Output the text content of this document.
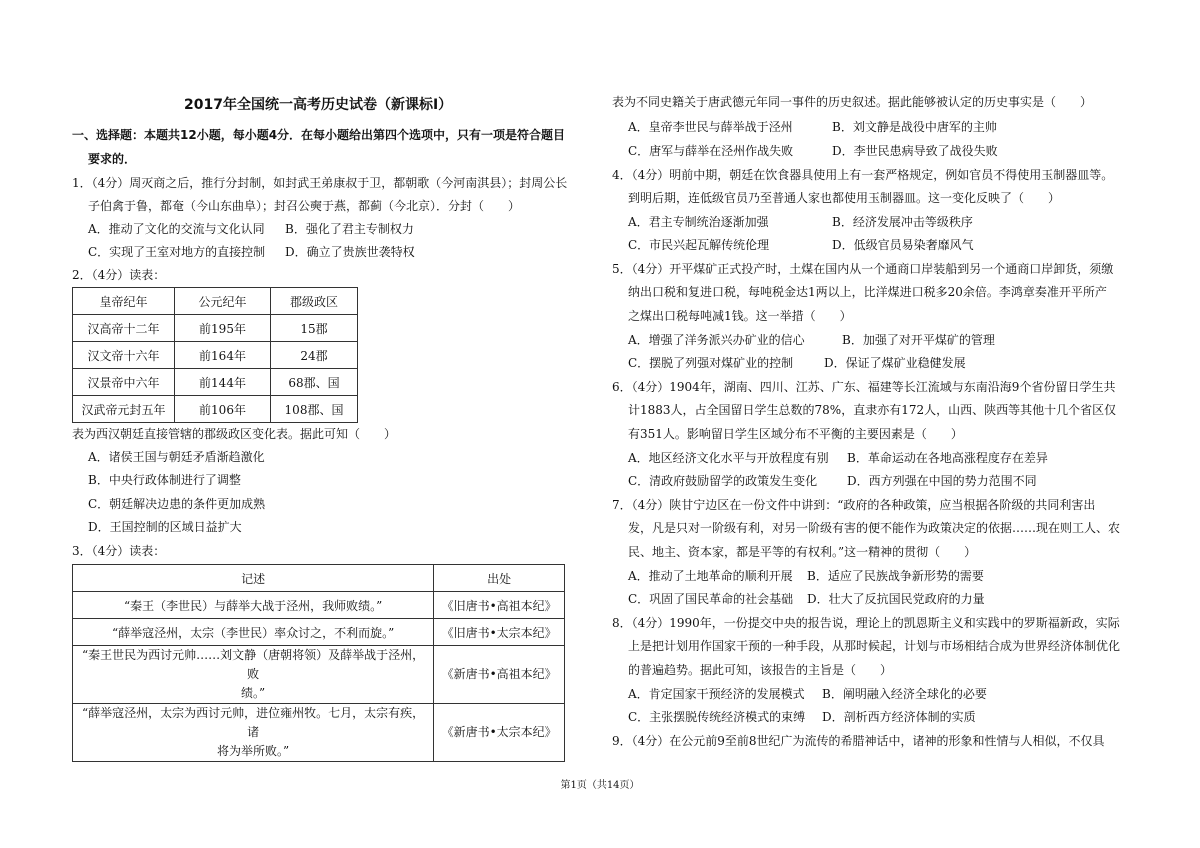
2017年全国统一高考历史试卷（新课标Ⅰ）
一、选择题：本题共12小题，每小题4分．在每小题给出第四个选项中，只有一项是符合题目
要求的．
1．（4分）周灭商之后，推行分封制，如封武王弟康叔于卫，都朝歌（今河南淇县）；封周公长
子伯禽于鲁，都奄（今山东曲阜）；封召公奭于燕，都蓟（今北京）．分封（　　）
A．推动了文化的交流与文化认同 B．强化了君主专制权力
C．实现了王室对地方的直接控制 D．确立了贵族世袭特权
2．（4分）读表：
皇帝纪年	公元纪年	郡级政区
汉高帝十二年	前195年	15郡
汉文帝十六年	前164年	24郡
汉景帝中六年	前144年	68郡、国
汉武帝元封五年	前106年	108郡、国
表为西汉朝廷直接管辖的郡级政区变化表。据此可知（　　）
A．诸侯王国与朝廷矛盾渐趋激化
B．中央行政体制进行了调整
C．朝廷解决边患的条件更加成熟
D．王国控制的区域日益扩大
3．（4分）读表：
记述	出处
“秦王（李世民）与薛举大战于泾州，我师败绩。”	《旧唐书•高祖本纪》
“薛举寇泾州，太宗（李世民）率众讨之，不利而旋。”	《旧唐书•太宗本纪》
“秦王世民为西讨元帅……刘文静（唐朝将领）及薛举战于泾州，败
绩。”	《新唐书•高祖本纪》
“薛举寇泾州，太宗为西讨元帅，进位雍州牧。七月，太宗有疾，诸
将为举所败。”	《新唐书•太宗本纪》
表为不同史籍关于唐武德元年同一事件的历史叙述。据此能够被认定的历史事实是（　　）
A．皇帝李世民与薛举战于泾州	B．刘文静是战役中唐军的主帅
C．唐军与薛举在泾州作战失败	D．李世民患病导致了战役失败
4．（4分）明前中期，朝廷在饮食器具使用上有一套严格规定，例如官员不得使用玉制器皿等。
到明后期，连低级官员乃至普通人家也都使用玉制器皿。这一变化反映了（　　）
A．君主专制统治逐渐加强	B．经济发展冲击等级秩序
C．市民兴起瓦解传统伦理	D．低级官员易染奢靡风气
5．（4分）开平煤矿正式投产时，土煤在国内从一个通商口岸装船到另一个通商口岸卸货，须缴
纳出口税和复进口税，每吨税金达1两以上，比洋煤进口税多20余倍。李鸿章奏准开平所产
之煤出口税每吨减1钱。这一举措（　　）
A．增强了洋务派兴办矿业的信心	B．加强了对开平煤矿的管理
C．摆脱了列强对煤矿业的控制	D．保证了煤矿业稳健发展
6．（4分）1904年，湖南、四川、江苏、广东、福建等长江流域与东南沿海9个省份留日学生共
计1883人，占全国留日学生总数的78%，直隶亦有172人，山西、陕西等其他十几个省区仅
有351人。影响留日学生区域分布不平衡的主要因素是（　　）
A．地区经济文化水平与开放程度有别 B．革命运动在各地高涨程度存在差异
C．清政府鼓励留学的政策发生变化 D．西方列强在中国的势力范围不同
7．（4分）陕甘宁边区在一份文件中讲到：“政府的各种政策，应当根据各阶级的共同利害出
发，凡是只对一阶级有利，对另一阶级有害的便不能作为政策决定的依据……现在则工人、农
民、地主、资本家，都是平等的有权利。”这一精神的贯彻（　　）
A．推动了土地革命的顺利开展 B．适应了民族战争新形势的需要
C．巩固了国民革命的社会基础 D．壮大了反抗国民党政府的力量
8．（4分）1990年，一份提交中央的报告说，理论上的凯恩斯主义和实践中的罗斯福新政，实际
上是把计划用作国家干预的一种手段，从那时候起，计划与市场相结合成为世界经济体制优化
的普遍趋势。据此可知，该报告的主旨是（　　）
A．肯定国家干预经济的发展模式 B．阐明融入经济全球化的必要
C．主张摆脱传统经济模式的束缚 D．剖析西方经济体制的实质
9．（4分）在公元前9至前8世纪广为流传的希腊神话中，诸神的形象和性情与人相似，不仅具
第1页（共14页）
